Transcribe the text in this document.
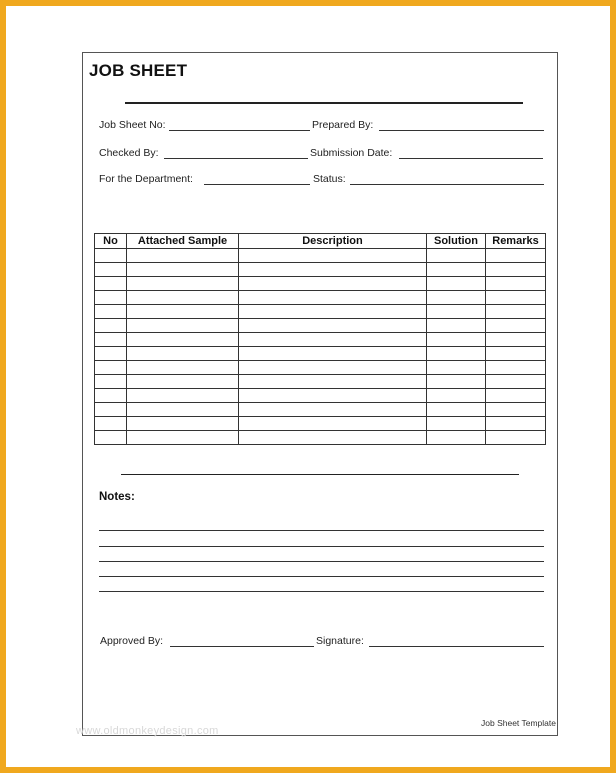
JOB SHEET
Job Sheet No:	Prepared By:
Checked By:	Submission Date:
For the Department:	Status:
No	Attached Sample	Description	Solution	Remarks

Notes:
Approved By:	Signature:
Job Sheet Template
www.oldmonkeydesign.com
